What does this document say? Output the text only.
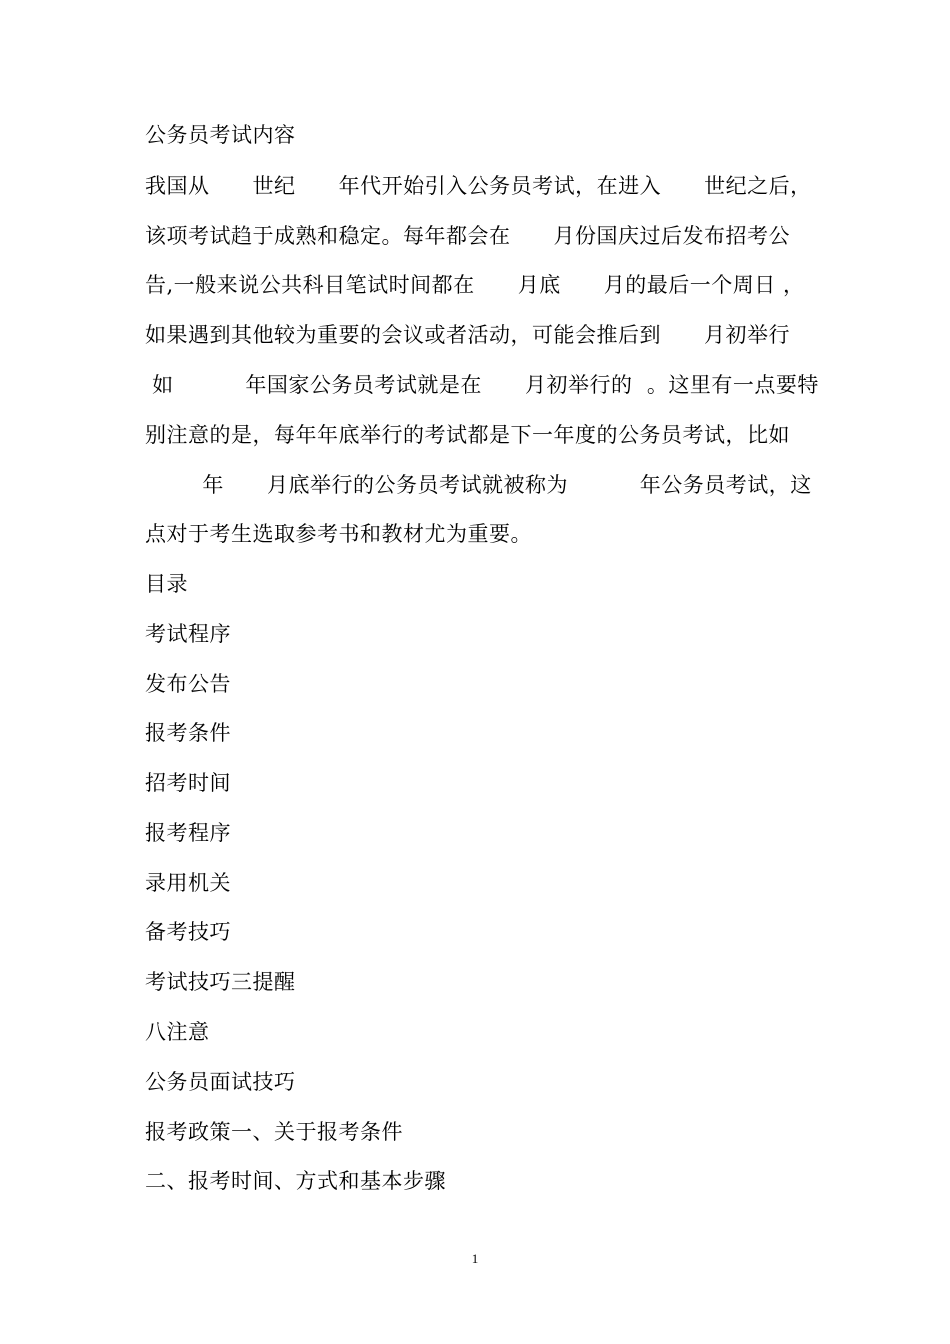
公务员考试内容
我国从      世纪      年代开始引入公务员考试，在进入      世纪之后，
该项考试趋于成熟和稳定。每年都会在      月份国庆过后发布招考公
告,一般来说公共科目笔试时间都在      月底      月的最后一个周日 ，
如果遇到其他较为重要的会议或者活动，可能会推后到      月初举行
如          年国家公务员考试就是在      月初举行的  。这里有一点要特
别注意的是，每年年底举行的考试都是下一年度的公务员考试，比如
年      月底举行的公务员考试就被称为          年公务员考试，这
点对于考生选取参考书和教材尤为重要。
目录
考试程序
发布公告
报考条件
招考时间
报考程序
录用机关
备考技巧
考试技巧三提醒
八注意
公务员面试技巧
报考政策一、关于报考条件
二、报考时间、方式和基本步骤
1
